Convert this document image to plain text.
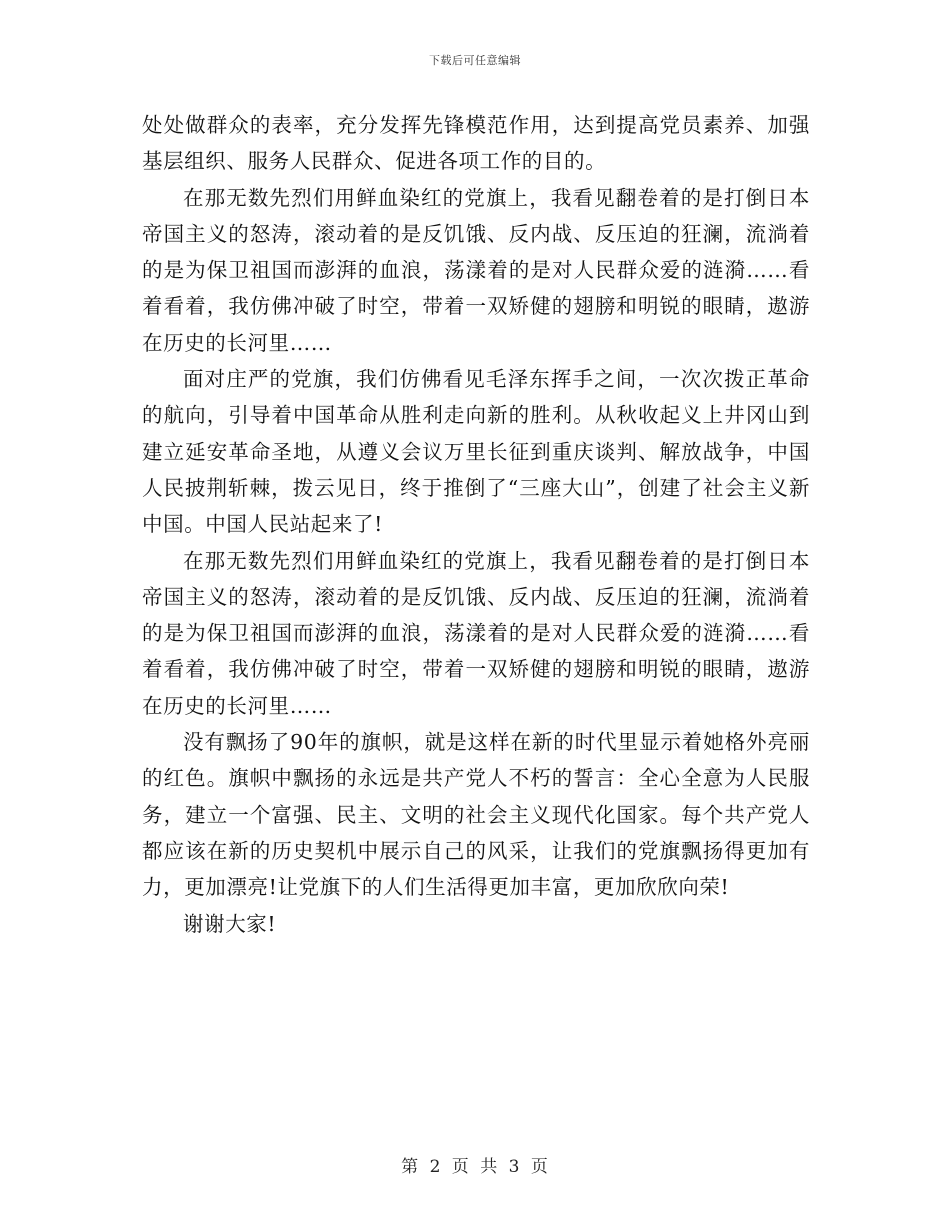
下载后可任意编辑

处处做群众的表率，充分发挥先锋模范作用，达到提高党员素养、加强基层组织、服务人民群众、促进各项工作的目的。

在那无数先烈们用鲜血染红的党旗上，我看见翻卷着的是打倒日本帝国主义的怒涛，滚动着的是反饥饿、反内战、反压迫的狂澜，流淌着的是为保卫祖国而澎湃的血浪，荡漾着的是对人民群众爱的涟漪……看着看着，我仿佛冲破了时空，带着一双矫健的翅膀和明锐的眼睛，遨游在历史的长河里……

面对庄严的党旗，我们仿佛看见毛泽东挥手之间，一次次拨正革命的航向，引导着中国革命从胜利走向新的胜利。从秋收起义上井冈山到建立延安革命圣地，从遵义会议万里长征到重庆谈判、解放战争，中国人民披荆斩棘，拨云见日，终于推倒了“三座大山”，创建了社会主义新中国。中国人民站起来了!

在那无数先烈们用鲜血染红的党旗上，我看见翻卷着的是打倒日本帝国主义的怒涛，滚动着的是反饥饿、反内战、反压迫的狂澜，流淌着的是为保卫祖国而澎湃的血浪，荡漾着的是对人民群众爱的涟漪……看着看着，我仿佛冲破了时空，带着一双矫健的翅膀和明锐的眼睛，遨游在历史的长河里……

没有飘扬了90年的旗帜，就是这样在新的时代里显示着她格外亮丽的红色。旗帜中飘扬的永远是共产党人不朽的誓言：全心全意为人民服务，建立一个富强、民主、文明的社会主义现代化国家。每个共产党人都应该在新的历史契机中展示自己的风采，让我们的党旗飘扬得更加有力，更加漂亮!让党旗下的人们生活得更加丰富，更加欣欣向荣!

谢谢大家!

第 2 页 共 3 页
